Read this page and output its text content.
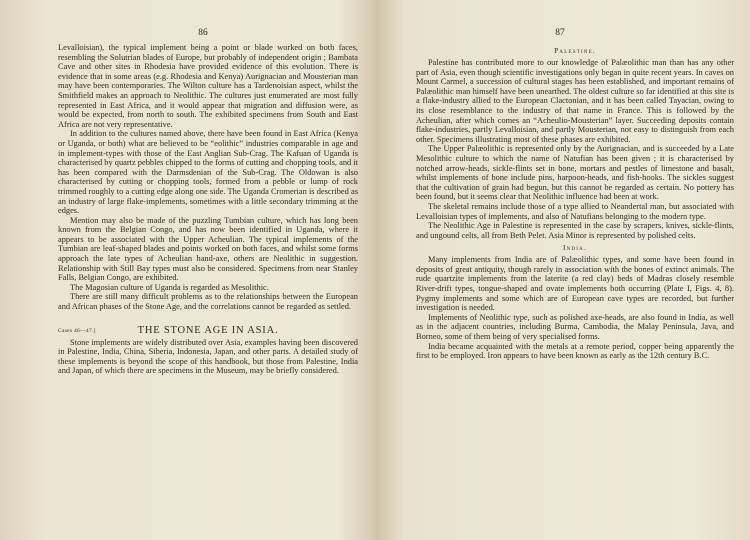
86

Levalloisian), the typical implement being a point or blade worked on both faces, resembling the Solutrian blades of Europe, but probably of independent origin ; Bambata Cave and other sites in Rhodesia have provided evidence of this evolution. There is evidence that in some areas (e.g. Rhodesia and Kenya) Aurignacian and Mousterian man may have been contemporaries. The Wilton culture has a Tardenoisian aspect, whilst the Smithfield makes an approach to Neolithic. The cultures just enumerated are most fully represented in East Africa, and it would appear that migration and diffusion were, as would be expected, from north to south. The exhibited specimens from South and East Africa are not very representative.

In addition to the cultures named above, there have been found in East Africa (Kenya or Uganda, or both) what are believed to be “eolithic” industries comparable in age and in implement-types with those of the East Anglian Sub-Crag. The Kafuan of Uganda is characterised by quartz pebbles chipped to the forms of cutting and chopping tools, and it has been compared with the Darmsdenian of the Sub-Crag. The Oldowan is also characterised by cutting or chopping tools, formed from a pebble or lump of rock trimmed roughly to a cutting edge along one side. The Uganda Cromerian is described as an industry of large flake-implements, sometimes with a little secondary trimming at the edges.

Mention may also be made of the puzzling Tumbian culture, which has long been known from the Belgian Congo, and has now been identified in Uganda, where it appears to be associated with the Upper Acheulian. The typical implements of the Tumbian are leaf-shaped blades and points worked on both faces, and whilst some forms approach the late types of Acheulian hand-axe, others are Neolithic in suggestion. Relationship with Still Bay types must also be considered. Specimens from near Stanley Falls, Belgian Congo, are exhibited.

The Magosian culture of Uganda is regarded as Mesolithic.

There are still many difficult problems as to the relationships between the European and African phases of the Stone Age, and the correlations cannot be regarded as settled.

Cases 46—47.]	THE STONE AGE IN ASIA.

Stone implements are widely distributed over Asia, examples having been discovered in Palestine, India, China, Siberia, Indonesia, Japan, and other parts. A detailed study of these implements is beyond the scope of this handbook, but those from Palestine, India and Japan, of which there are specimens in the Museum, may be briefly considered.

87
Palestine.

Palestine has contributed more to our knowledge of Palæolithic man than has any other part of Asia, even though scientific investigations only began in quite recent years. In caves on Mount Carmel, a succession of cultural stages has been established, and important remains of Palæolithic man himself have been unearthed. The oldest culture so far identified at this site is a flake-industry allied to the European Clactonian, and it has been called Tayacian, owing to its close resemblance to the industry of that name in France. This is followed by the Acheulian, after which comes an “Acheulio-Mousterian” layer. Succeeding deposits contain flake-industries, partly Levalloisian, and partly Mousterian, not easy to distinguish from each other. Specimens illustrating most of these phases are exhibited.

The Upper Palæolithic is represented only by the Aurignacian, and is succeeded by a Late Mesolithic culture to which the name of Natufian has been given ; it is characterised by notched arrow-heads, sickle-flints set in bone, mortars and pestles of limestone and basalt, whilst implements of bone include pins, harpoon-heads, and fish-hooks. The sickles suggest that the cultivation of grain had begun, but this cannot be regarded as certain. No pottery has been found, but it seems clear that Neolithic influence had been at work.

The skeletal remains include those of a type allied to Neandertal man, but associated with Levalloisian types of implements, and also of Natufians belonging to the modern type.

The Neolithic Age in Palestine is represented in the case by scrapers, knives, sickle-flints, and ungound celts, all from Beth Pelet. Asia Minor is represented by polished celts.

India.

Many implements from India are of Palæolithic types, and some have been found in deposits of great antiquity, though rarely in association with the bones of extinct animals. The rude quartzite implements from the laterite (a red clay) beds of Madras closely resemble River-drift types, tongue-shaped and ovate implements both occurring (Plate I, Figs. 4, 8). Pygmy implements and some which are of European cave types are recorded, but further investigation is needed.

Implements of Neolithic type, such as polished axe-heads, are also found in India, as well as in the adjacent countries, including Burma, Cambodia, the Malay Peninsula, Java, and Borneo, some of them being of very specialised forms.

India became acquainted with the metals at a remote period, copper being apparently the first to be employed. Iron appears to have been known as early as the 12th century B.C.
